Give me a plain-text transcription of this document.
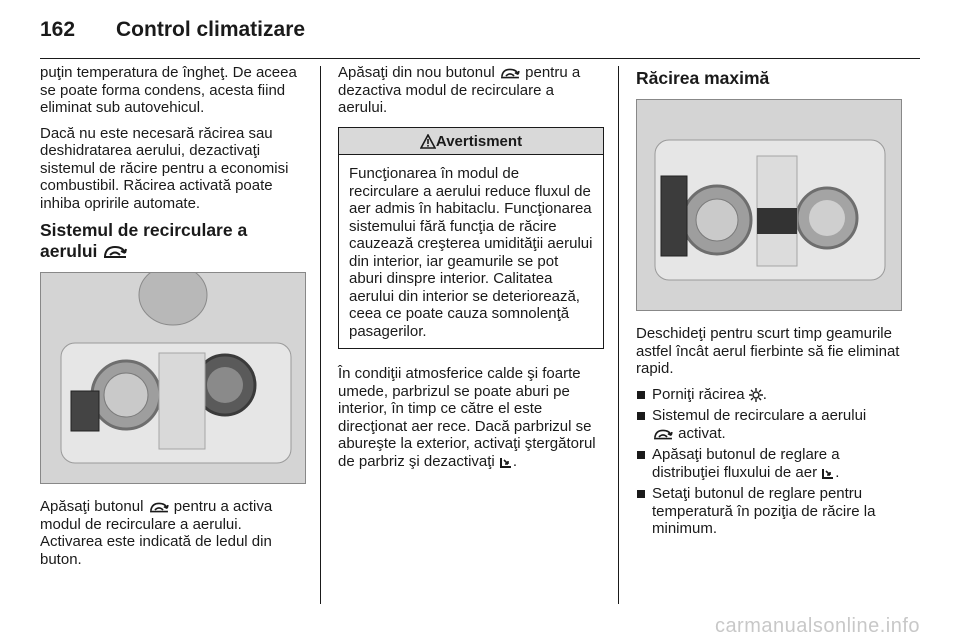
162	Control climatizare

puţin temperatura de îngheţ. De aceea se poate forma condens, acesta fiind eliminat sub autovehicul.

Dacă nu este necesară răcirea sau deshidratarea aerului, dezactivaţi sistemul de răcire pentru a economisi combustibil. Răcirea activată poate inhiba opririle automate.

Sistemul de recirculare a
aerului

Apăsaţi butonul pentru a activa modul de recirculare a aerului. Activarea este indicată de ledul din buton.

Apăsaţi din nou butonul pentru a dezactiva modul de recirculare a aerului.

Avertisment
Funcţionarea în modul de recirculare a aerului reduce fluxul de aer admis în habitaclu. Funcţionarea sistemului fără funcţia de răcire cauzează creşterea umidităţii aerului din interior, iar geamurile se pot aburi dinspre interior. Calitatea aerului din interior se deteriorează, ceea ce poate cauza somnolenţă pasagerilor.

În condiţii atmosferice calde şi foarte umede, parbrizul se poate aburi pe interior, în timp ce către el este direcţionat aer rece. Dacă parbrizul se abureşte la exterior, activaţi ştergătorul de parbriz şi dezactivaţi .

Răcirea maximă

Deschideţi pentru scurt timp geamurile astfel încât aerul fierbinte să fie eliminat rapid.

Porniţi răcirea .
Sistemul de recirculare a aerului
activat.
Apăsaţi butonul de reglare a distribuţiei fluxului de aer .
Setaţi butonul de reglare pentru temperatură în poziţia de răcire la minimum.
carmanualsonline.info
